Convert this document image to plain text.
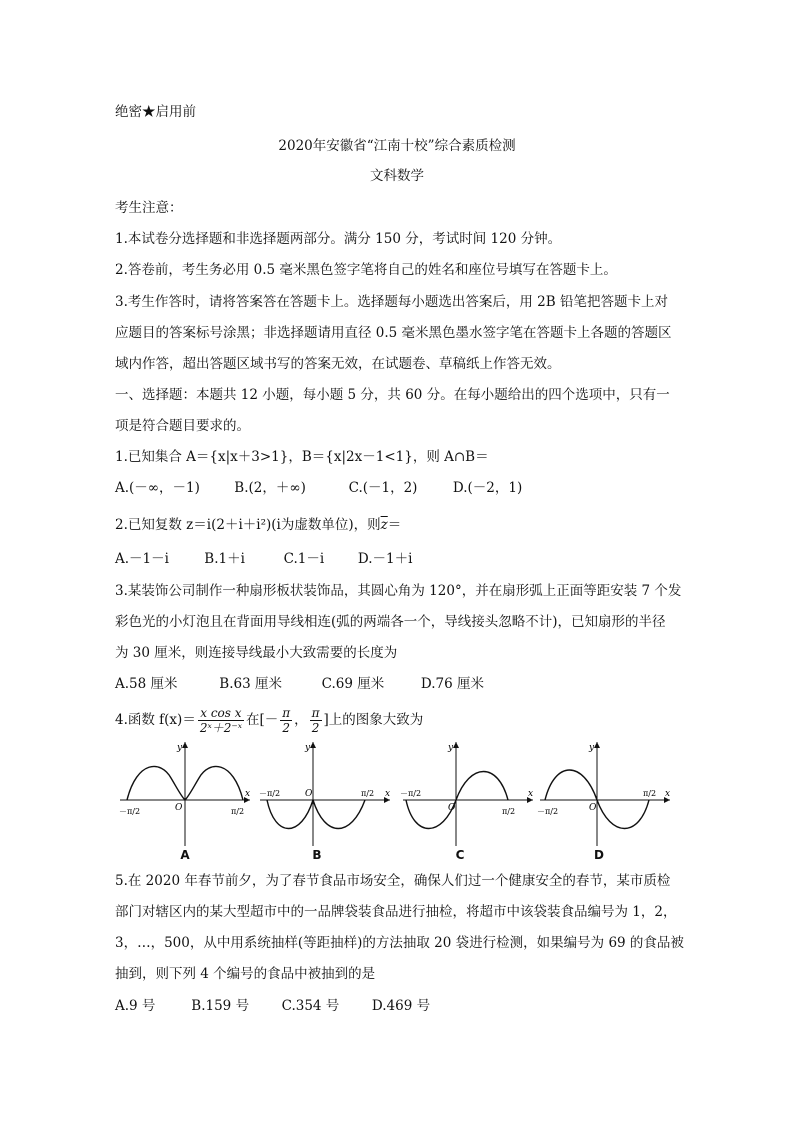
绝密★启用前
2020年安徽省“江南十校”综合素质检测
文科数学
考生注意：
1.本试卷分选择题和非选择题两部分。满分 150 分，考试时间 120 分钟。
2.答卷前，考生务必用 0.5 毫米黑色签字笔将自己的姓名和座位号填写在答题卡上。
3.考生作答时，请将答案答在答题卡上。选择题每小题选出答案后，用 2B 铅笔把答题卡上对
应题目的答案标号涂黑；非选择题请用直径 0.5 毫米黑色墨水签字笔在答题卡上各题的答题区
域内作答，超出答题区域书写的答案无效，在试题卷、草稿纸上作答无效。
一、选择题：本题共 12 小题，每小题 5 分，共 60 分。在每小题给出的四个选项中，只有一
项是符合题目要求的。
1.已知集合 A＝{x|x＋3>1}，B＝{x|2x－1<1}，则 A∩B＝
A.(－∞，－1)	B.(2，＋∞)	C.(－1，2)	D.(－2，1)
2.已知复数 z＝i(2＋i＋i²)(i为虚数单位)，则$\overline{z}=$
A.－1－i	B.1＋i	C.1－i	D.－1＋i
3.某装饰公司制作一种扇形板状装饰品，其圆心角为 120°，并在扇形弧上正面等距安装 7 个发
彩色光的小灯泡且在背面用导线相连(弧的两端各一个，导线接头忽略不计)，已知扇形的半径
为 30 厘米，则连接导线最小大致需要的长度为
A.58 厘米	B.63 厘米	C.69 厘米	D.76 厘米
4.函数 $f(x)= \frac{\text{x cos x}}{\text{2ˣ＋2⁻ˣ}}$ 在[－ $\frac{\pi}{2}$ ， $\frac{\pi}{2}$ ]上的图象大致为
y
x
O
－π/2	π/2
A
y
x
O
－π/2	π/2
B
y
x
O
－π/2
π/2
C
y
x
O
－π/2
π/2
D
5.在 2020 年春节前夕，为了春节食品市场安全，确保人们过一个健康安全的春节，某市质检
部门对辖区内的某大型超市中的一品牌袋装食品进行抽检，将超市中该袋装食品编号为 1，2，
3，…，500，从中用系统抽样(等距抽样)的方法抽取 20 袋进行检测，如果编号为 69 的食品被
抽到，则下列 4 个编号的食品中被抽到的是
A.9 号	B.159 号 C.354 号 D.469 号
